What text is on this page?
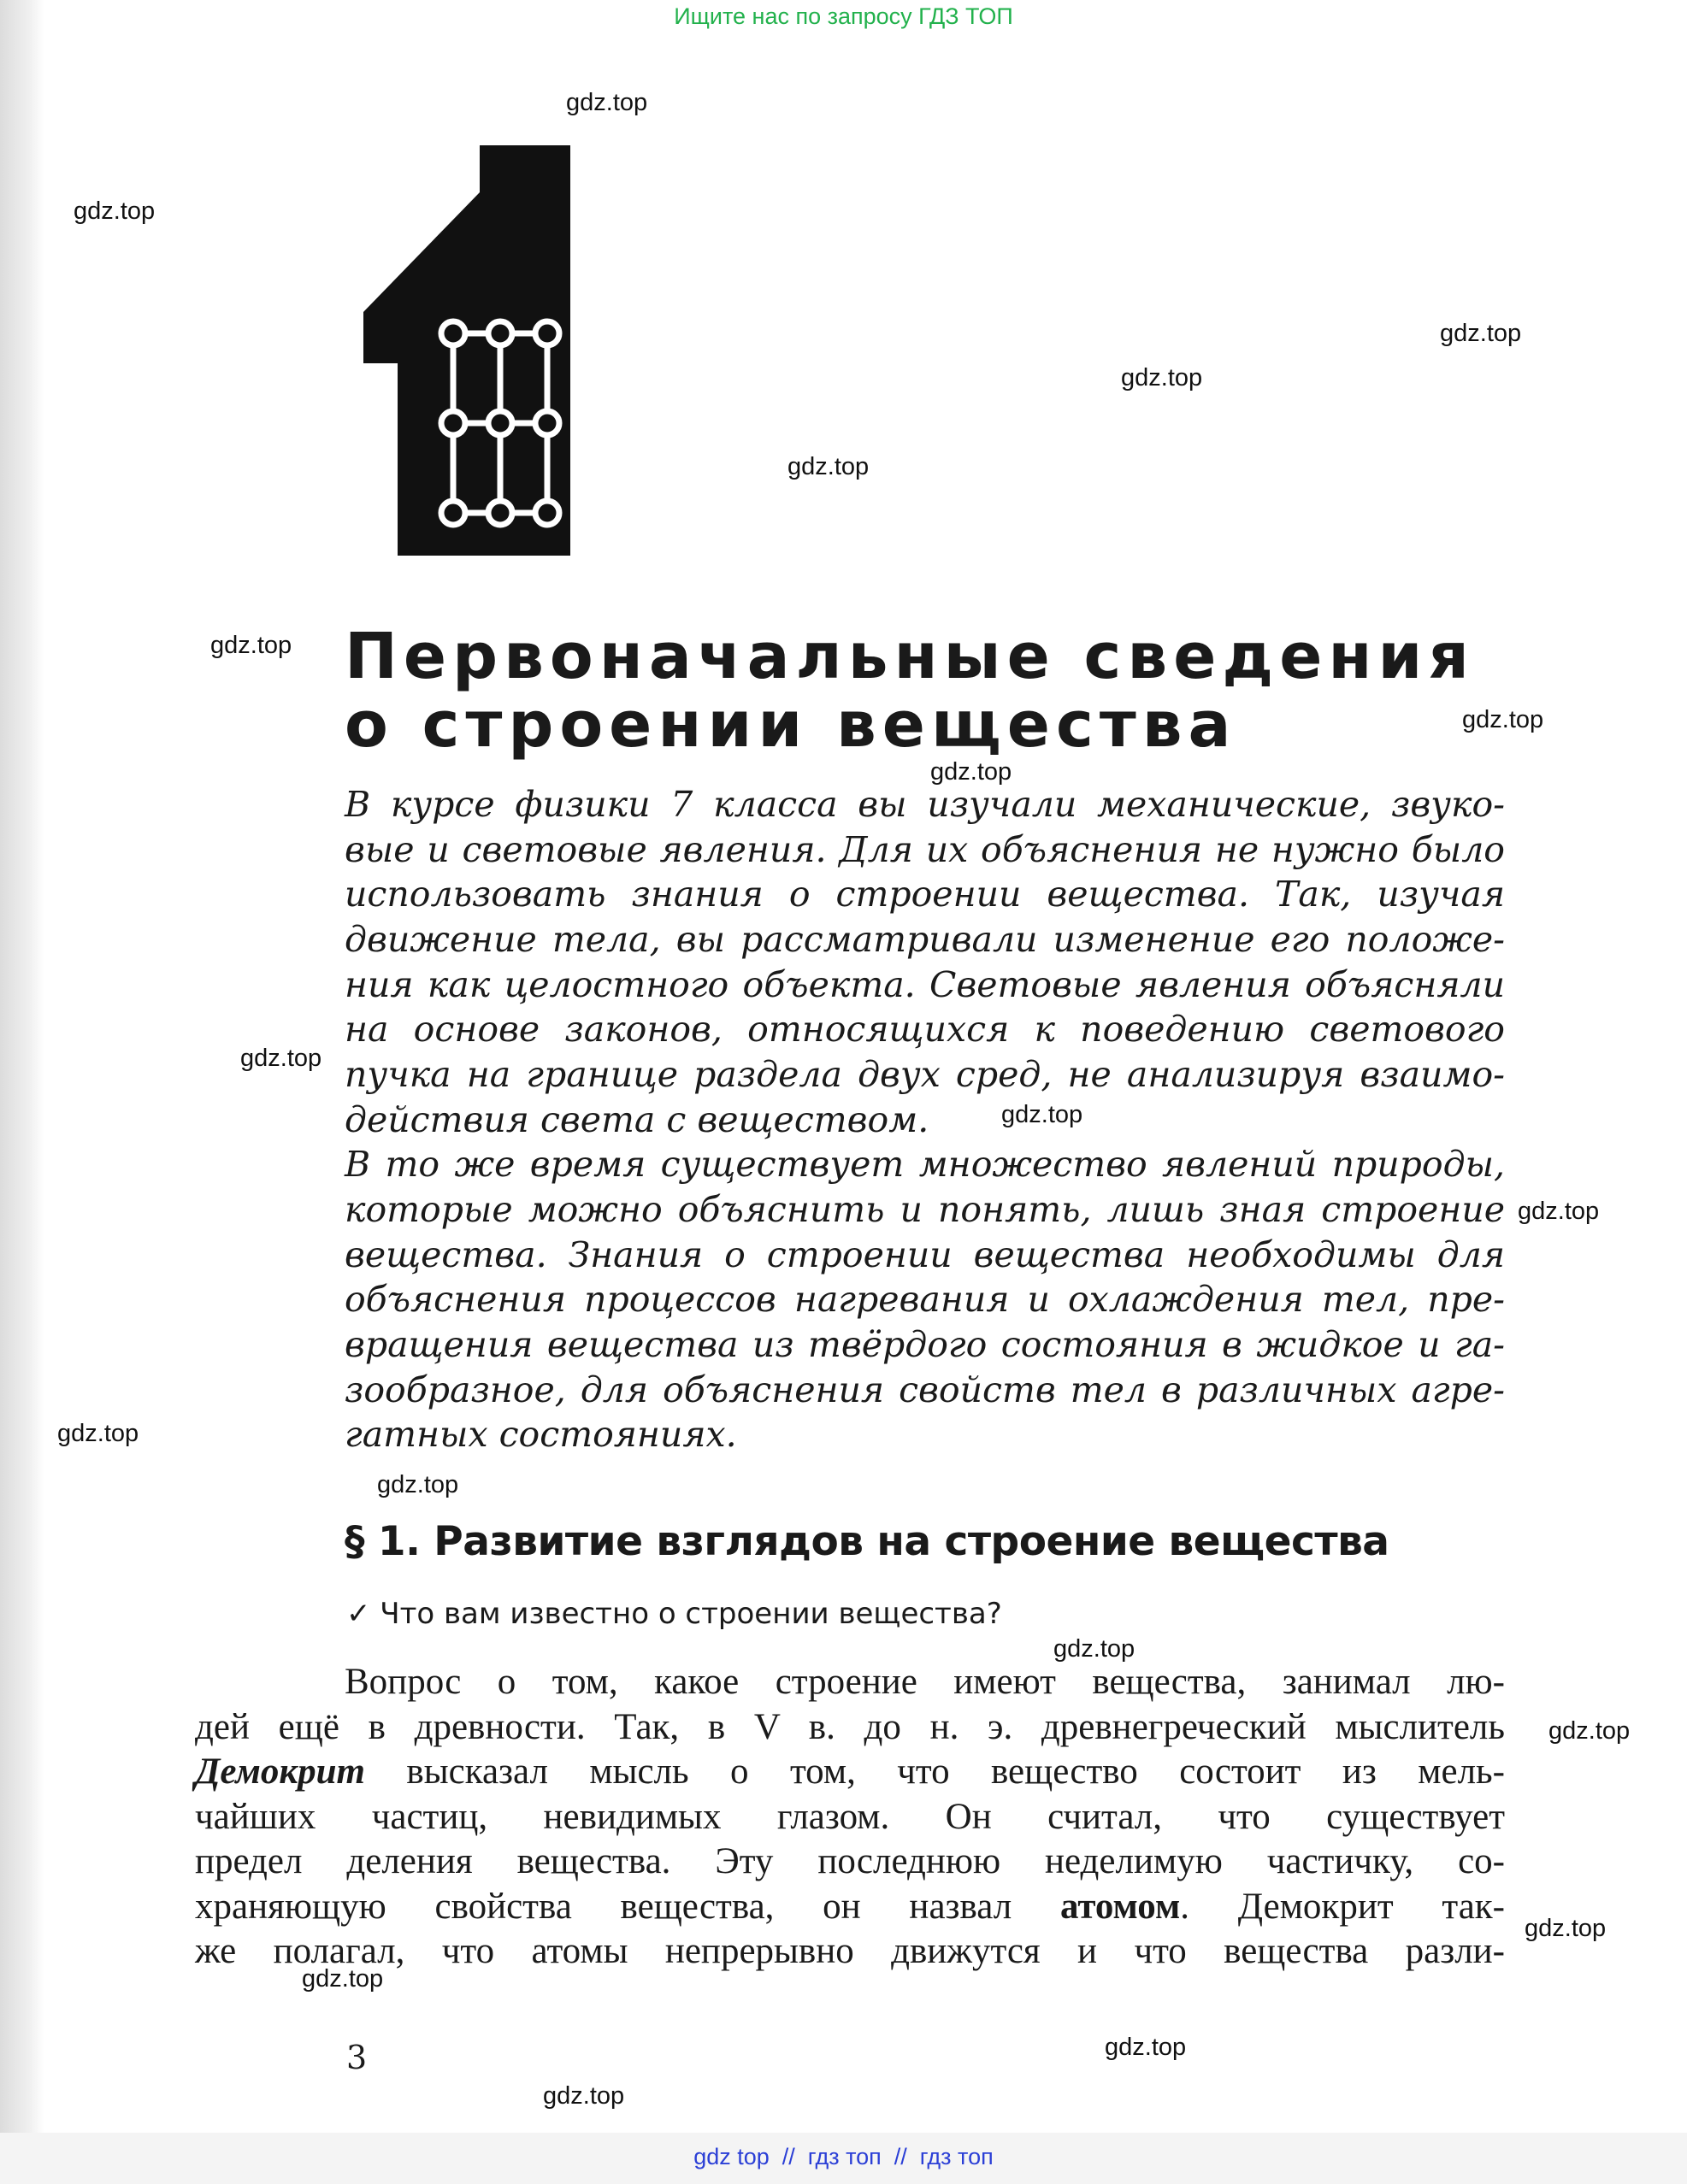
Ищите нас по запросу ГДЗ ТОП
Первоначальные сведения
о строении вещества
В курсе физики 7 класса вы изучали механические, звуко-
вые и световые явления. Для их объяснения не нужно было
использовать знания о строении вещества. Так, изучая
движение тела, вы рассматривали изменение его положе-
ния как целостного объекта. Световые явления объясняли
на основе законов, относящихся к поведению светового
пучка на границе раздела двух сред, не анализируя взаимо-
действия света с веществом.
В то же время существует множество явлений природы,
которые можно объяснить и понять, лишь зная строение
вещества. Знания о строении вещества необходимы для
объяснения процессов нагревания и охлаждения тел, пре-
вращения вещества из твёрдого состояния в жидкое и га-
зообразное, для объяснения свойств тел в различных агре-
гатных состояниях.
§ 1. Развитие взглядов на строение вещества
✓ Что вам известно о строении вещества?
Вопрос о том, какое строение имеют вещества, занимал лю-
дей ещё в древности. Так, в V в. до н. э. древнегреческий мыслитель
Демокрит высказал мысль о том, что вещество состоит из мель-
чайших частиц, невидимых глазом. Он считал, что существует
предел деления вещества. Эту последнюю неделимую частичку, со-
храняющую свойства вещества, он назвал атомом. Демокрит так-
же полагал, что атомы непрерывно движутся и что вещества разли-
3
gdz.top
gdz.top
gdz.top
gdz.top
gdz.top
gdz.top
gdz.top
gdz.top
gdz.top
gdz.top
gdz.top
gdz.top
gdz.top
gdz.top
gdz.top
gdz.top
gdz.top
gdz.top
gdz.top
gdz top  //  гдз топ  //  гдз топ
